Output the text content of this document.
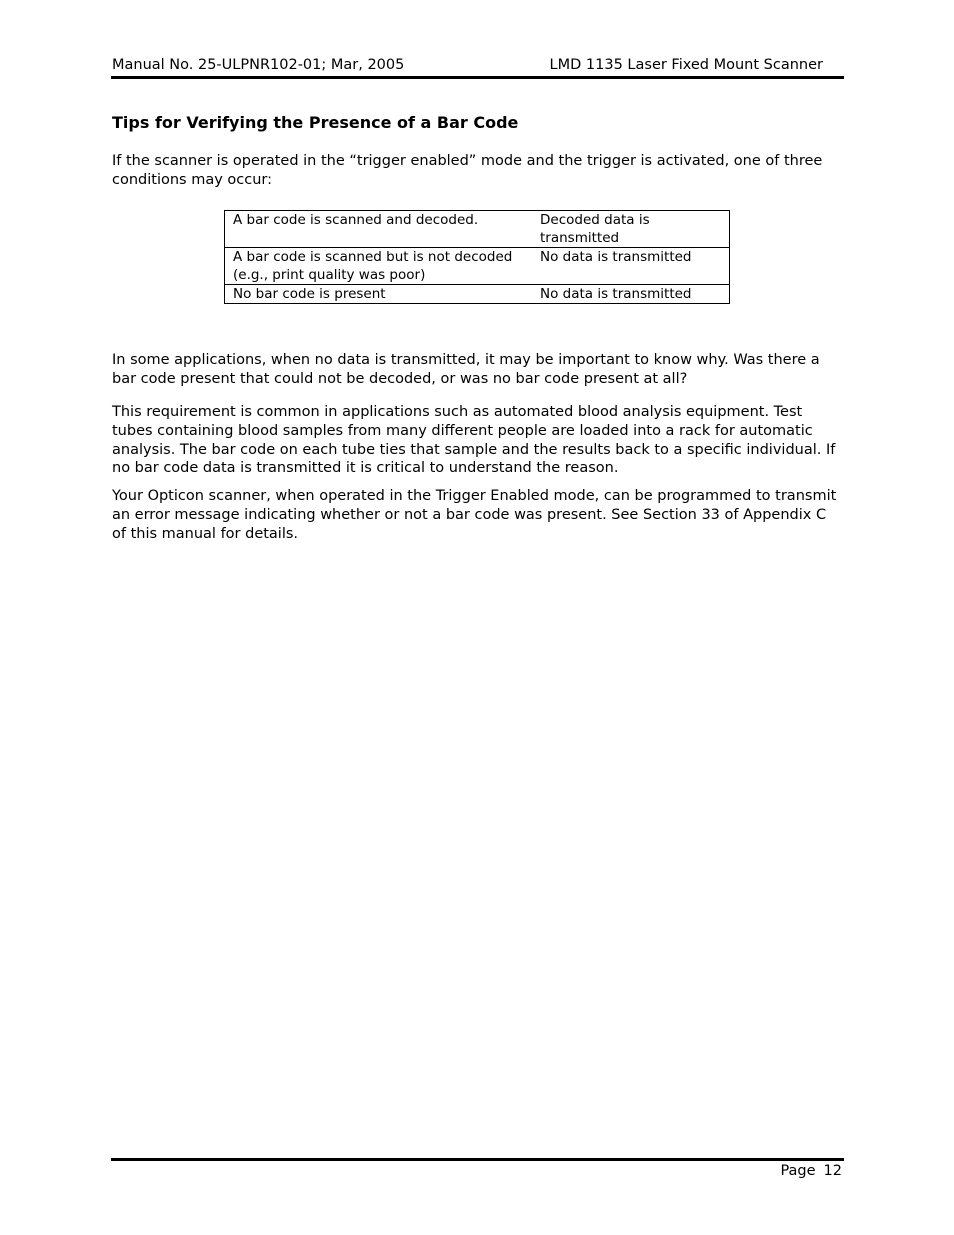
Manual No. 25-ULPNR102-01; Mar, 2005	LMD 1135 Laser Fixed Mount Scanner
Tips for Verifying the Presence of a Bar Code
If the scanner is operated in the “trigger enabled” mode and the trigger is activated, one of three conditions may occur:
A bar code is scanned and decoded.	Decoded data is transmitted
A bar code is scanned but is not decoded (e.g., print quality was poor)	No data is transmitted
No bar code is present	No data is transmitted
In some applications, when no data is transmitted, it may be important to know why. Was there a bar code present that could not be decoded, or was no bar code present at all?
This requirement is common in applications such as automated blood analysis equipment. Test tubes containing blood samples from many different people are loaded into a rack for automatic analysis. The bar code on each tube ties that sample and the results back to a specific individual. If no bar code data is transmitted it is critical to understand the reason.
Your Opticon scanner, when operated in the Trigger Enabled mode, can be programmed to transmit an error message indicating whether or not a bar code was present. See Section 33 of Appendix C of this manual for details.
Page 12
